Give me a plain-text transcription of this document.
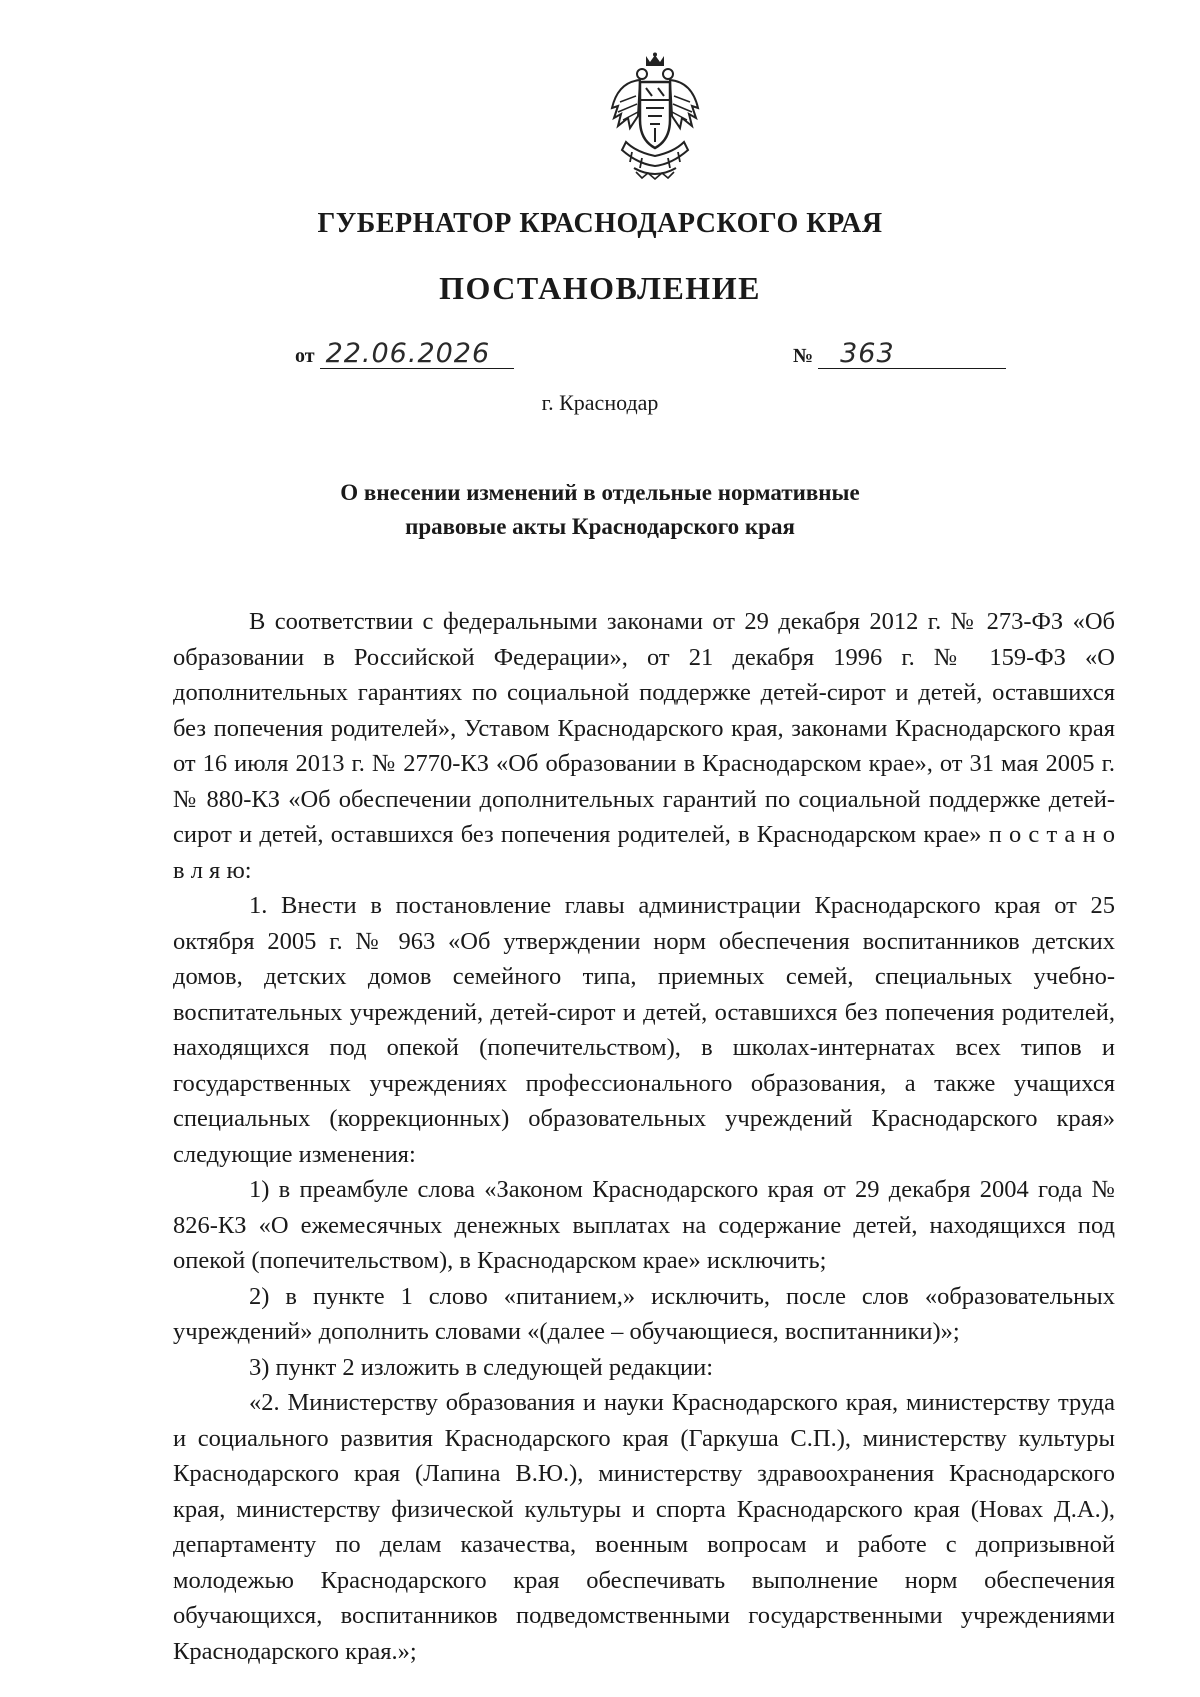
ГУБЕРНАТОР КРАСНОДАРСКОГО КРАЯ
ПОСТАНОВЛЕНИЕ
от 22.06.2026	№ 363
г. Краснодар
О внесении изменений в отдельные нормативные
правовые акты Краснодарского края

В соответствии с федеральными законами от 29 декабря 2012 г. № 273-ФЗ «Об образовании в Российской Федерации», от 21 декабря 1996 г. № 159-ФЗ «О дополнительных гарантиях по социальной поддержке детей-сирот и детей, оставшихся без попечения родителей», Уставом Краснодарского края, законами Краснодарского края от 16 июля 2013 г. № 2770-КЗ «Об образовании в Краснодарском крае», от 31 мая 2005 г. № 880-КЗ «Об обеспечении дополнительных гарантий по социальной поддержке детей-сирот и детей, оставшихся без попечения родителей, в Краснодарском крае» п о с т а н о в л я ю:

1. Внести в постановление главы администрации Краснодарского края от 25 октября 2005 г. № 963 «Об утверждении норм обеспечения воспитанников детских домов, детских домов семейного типа, приемных семей, специальных учебно-воспитательных учреждений, детей-сирот и детей, оставшихся без попечения родителей, находящихся под опекой (попечительством), в школах-интернатах всех типов и государственных учреждениях профессионального образования, а также учащихся специальных (коррекционных) образовательных учреждений Краснодарского края» следующие изменения:

1) в преамбуле слова «Законом Краснодарского края от 29 декабря 2004 года № 826-КЗ «О ежемесячных денежных выплатах на содержание детей, находящихся под опекой (попечительством), в Краснодарском крае» исключить;

2) в пункте 1 слово «питанием,» исключить, после слов «образовательных учреждений» дополнить словами «(далее – обучающиеся, воспитанники)»;

3) пункт 2 изложить в следующей редакции:

«2. Министерству образования и науки Краснодарского края, министерству труда и социального развития Краснодарского края (Гаркуша С.П.), министерству культуры Краснодарского края (Лапина В.Ю.), министерству здравоохранения Краснодарского края, министерству физической культуры и спорта Краснодарского края (Новах Д.А.), департаменту по делам казачества, военным вопросам и работе с допризывной молодежью Краснодарского края обеспечивать выполнение норм обеспечения обучающихся, воспитанников подведомственными государственными учреждениями Краснодарского края.»;
